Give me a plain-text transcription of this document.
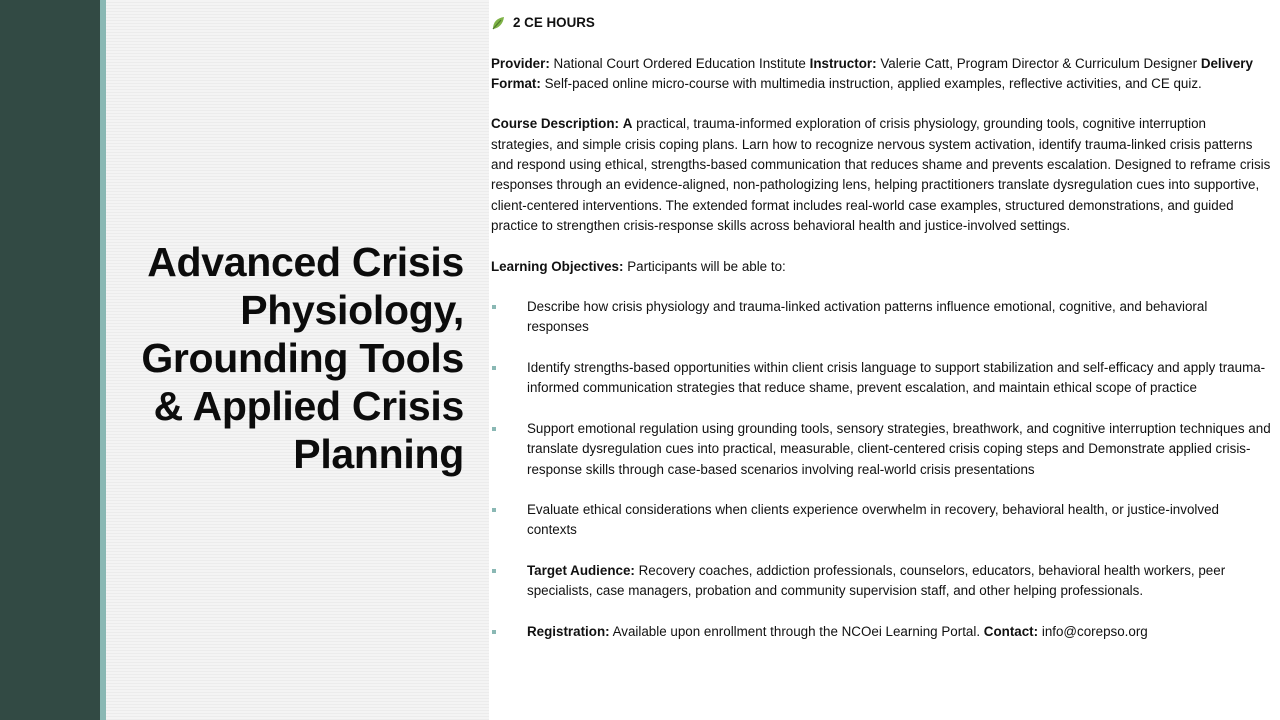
Advanced Crisis Physiology, Grounding Tools & Applied Crisis Planning

2 CE HOURS

Provider: National Court Ordered Education Institute Instructor: Valerie Catt, Program Director & Curriculum Designer Delivery Format: Self-paced online micro-course with multimedia instruction, applied examples, reflective activities, and CE quiz.

Course Description: A practical, trauma-informed exploration of crisis physiology, grounding tools, cognitive interruption strategies, and simple crisis coping plans. Larn how to recognize nervous system activation, identify trauma-linked crisis patterns and respond using ethical, strengths-based communication that reduces shame and prevents escalation. Designed to reframe crisis responses through an evidence-aligned, non-pathologizing lens, helping practitioners translate dysregulation cues into supportive, client-centered interventions. The extended format includes real-world case examples, structured demonstrations, and guided practice to strengthen crisis-response skills across behavioral health and justice-involved settings.

Learning Objectives: Participants will be able to:

Describe how crisis physiology and trauma-linked activation patterns influence emotional, cognitive, and behavioral responses
Identify strengths-based opportunities within client crisis language to support stabilization and self-efficacy and apply trauma-informed communication strategies that reduce shame, prevent escalation, and maintain ethical scope of practice
Support emotional regulation using grounding tools, sensory strategies, breathwork, and cognitive interruption techniques and translate dysregulation cues into practical, measurable, client-centered crisis coping steps and Demonstrate applied crisis-response skills through case-based scenarios involving real-world crisis presentations
Evaluate ethical considerations when clients experience overwhelm in recovery, behavioral health, or justice-involved contexts
Target Audience: Recovery coaches, addiction professionals, counselors, educators, behavioral health workers, peer specialists, case managers, probation and community supervision staff, and other helping professionals.
Registration: Available upon enrollment through the NCOei Learning Portal. Contact: info@corepso.org
